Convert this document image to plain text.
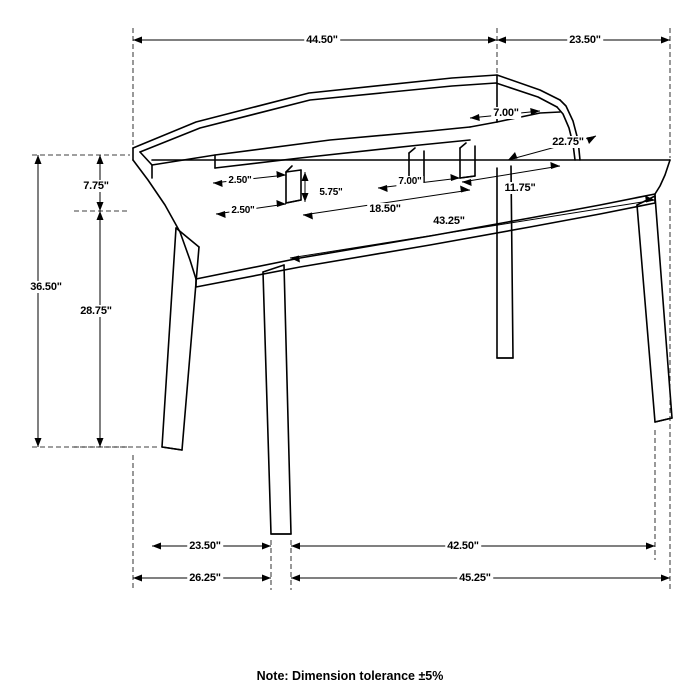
44.50"	23.50"
7.00"
22.75"
7.75"	2.50"
5.75"
7.00"
11.75"
2.50"	18.50"
43.25"
36.50"
28.75"
23.50"	42.50"
26.25"	45.25"
Note: Dimension tolerance ±5%
